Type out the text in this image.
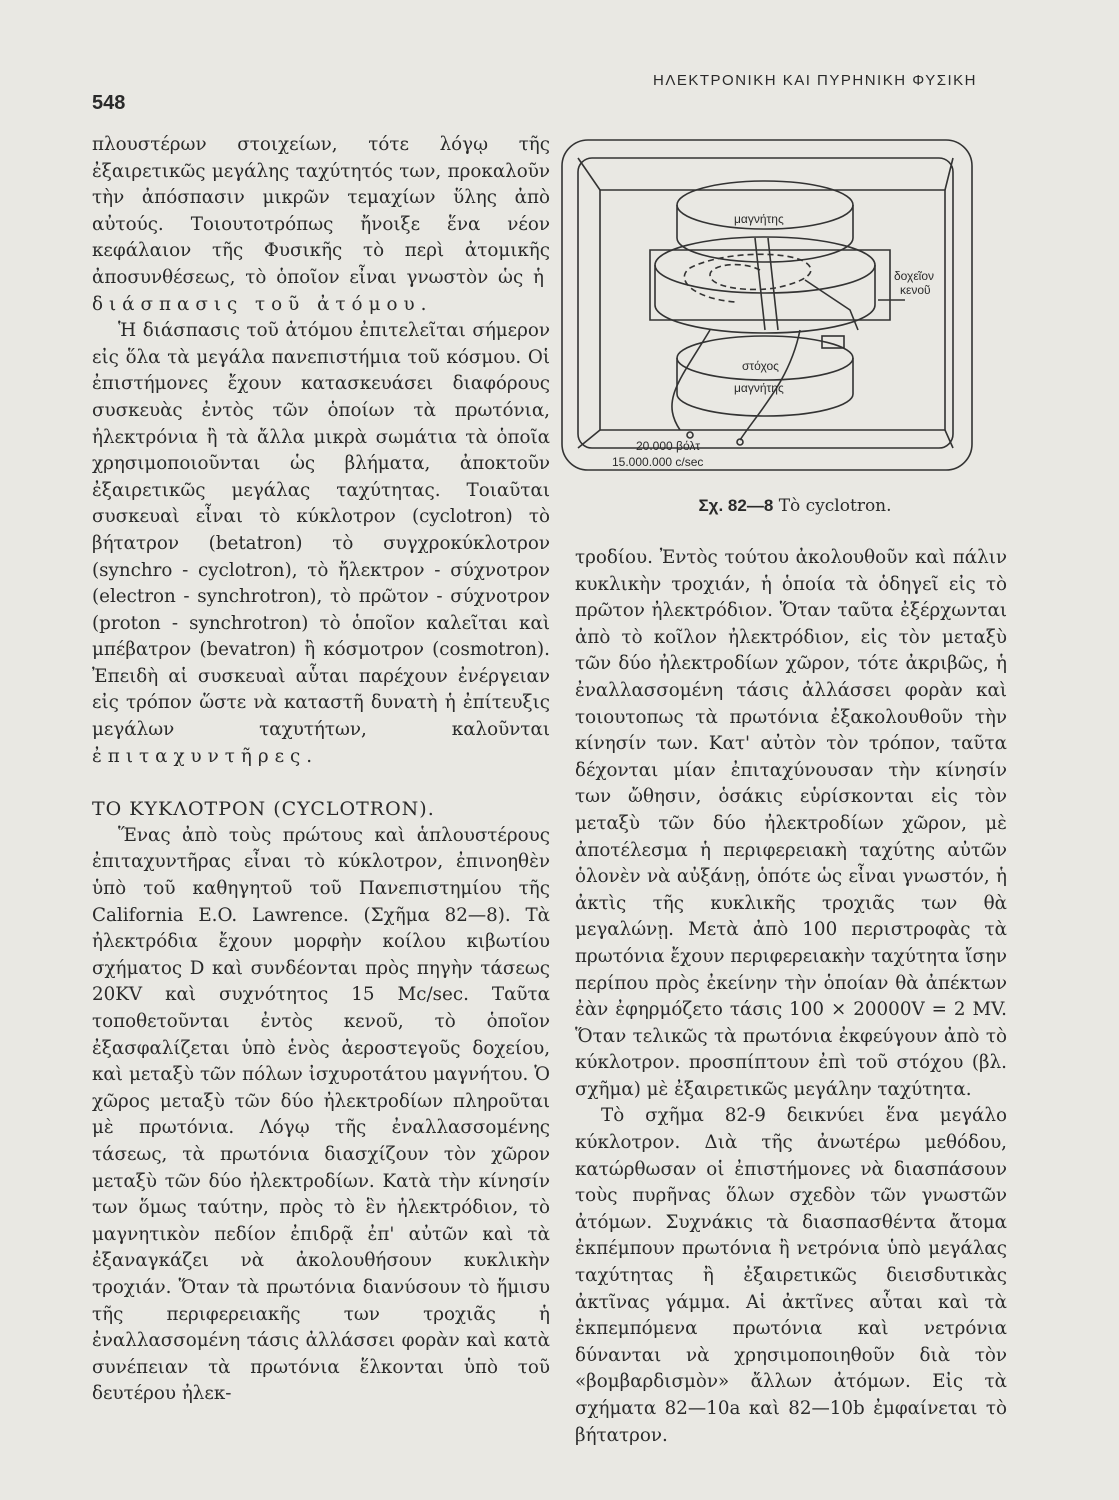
548
ΗΛΕΚΤΡΟΝΙΚΗ ΚΑΙ ΠΥΡΗΝΙΚΗ ΦΥΣΙΚΗ

πλουστέρων στοιχείων, τότε λόγῳ τῆς ἐξαιρετικῶς μεγάλης ταχύτητός των, προκαλοῦν τὴν ἀπόσπασιν μικρῶν τεμαχίων ὕλης ἀπὸ αὐτούς. Τοιουτοτρόπως ἤνοιξε ἕνα νέον κεφάλαιον τῆς Φυσικῆς τὸ περὶ ἀτομικῆς ἀποσυνθέσεως, τὸ ὁποῖον εἶναι γνωστὸν ὡς ἡ διάσπασις τοῦ ἀτόμου.

Ἡ διάσπασις τοῦ ἀτόμου ἐπιτελεῖται σήμερον εἰς ὅλα τὰ μεγάλα πανεπιστήμια τοῦ κόσμου. Οἱ ἐπιστήμονες ἔχουν κατασκευάσει διαφόρους συσκευὰς ἐντὸς τῶν ὁποίων τὰ πρωτόνια, ἠλεκτρόνια ἢ τὰ ἄλλα μικρὰ σωμάτια τὰ ὁποῖα χρησιμοποιοῦνται ὡς βλήματα, ἀποκτοῦν ἐξαιρετικῶς μεγάλας ταχύτητας. Τοιαῦται συσκευαὶ εἶναι τὸ κύκλοτρον (cyclotron) τὸ βήτατρον (betatron) τὸ συγχροκύκλοτρον (synchro - cyclotron), τὸ ἤλεκτρον - σύχνοτρον (electron - synchrotron), τὸ πρῶτον - σύχνοτρον (proton - synchrotron) τὸ ὁποῖον καλεῖται καὶ μπέβατρον (bevatron) ἢ κόσμοτρον (cosmotron). Ἐπειδὴ αἱ συσκευαὶ αὗται παρέχουν ἐνέργειαν εἰς τρόπον ὥστε νὰ καταστῆ δυνατὴ ἡ ἐπίτευξις μεγάλων ταχυτήτων, καλοῦνται ἐπιταχυντῆρες.

ΤΟ ΚΥΚΛΟΤΡΟΝ (CYCLOTRON).

Ἕνας ἀπὸ τοὺς πρώτους καὶ ἁπλουστέρους ἐπιταχυντῆρας εἶναι τὸ κύκλοτρον, ἐπινοηθὲν ὑπὸ τοῦ καθηγητοῦ τοῦ Πανεπιστημίου τῆς California E.O. Lawrence. (Σχῆμα 82—8). Τὰ ἠλεκτρόδια ἔχουν μορφὴν κοίλου κιβωτίου σχήματος D καὶ συνδέονται πρὸς πηγὴν τάσεως 20KV καὶ συχνότητος 15 Mc/sec. Ταῦτα τοποθετοῦνται ἐντὸς κενοῦ, τὸ ὁποῖον ἐξασφαλίζεται ὑπὸ ἑνὸς ἀεροστεγοῦς δοχείου, καὶ μεταξὺ τῶν πόλων ἰσχυροτάτου μαγνήτου. Ὁ χῶρος μεταξὺ τῶν δύο ἠλεκτροδίων πληροῦται μὲ πρωτόνια. Λόγῳ τῆς ἐναλλασσομένης τάσεως, τὰ πρωτόνια διασχίζουν τὸν χῶρον μεταξὺ τῶν δύο ἠλεκτροδίων. Κατὰ τὴν κίνησίν των ὅμως ταύτην, πρὸς τὸ ἓν ἠλεκτρόδιον, τὸ μαγνητικὸν πεδίον ἐπιδρᾷ ἐπ' αὐτῶν καὶ τὰ ἐξαναγκάζει νὰ ἀκολουθήσουν κυκλικὴν τροχιάν. Ὅταν τὰ πρωτόνια διανύσουν τὸ ἥμισυ τῆς περιφερειακῆς των τροχιᾶς ἡ ἐναλλασσομένη τάσις ἀλλάσσει φορὰν καὶ κατὰ συνέπειαν τὰ πρωτόνια ἕλκονται ὑπὸ τοῦ δευτέρου ἠλεκ-

μαγνήτης
δοχεῖον
κενοῦ
στόχος
μαγνήτης
20.000 βόλτ
15.000.000 c/sec
Σχ. 82—8 Τὸ cyclotron.

τροδίου. Ἐντὸς τούτου ἀκολουθοῦν καὶ πάλιν κυκλικὴν τροχιάν, ἡ ὁποία τὰ ὁδηγεῖ εἰς τὸ πρῶτον ἠλεκτρόδιον. Ὅταν ταῦτα ἐξέρχωνται ἀπὸ τὸ κοῖλον ἠλεκτρόδιον, εἰς τὸν μεταξὺ τῶν δύο ἠλεκτροδίων χῶρον, τότε ἀκριβῶς, ἡ ἐναλλασσομένη τάσις ἀλλάσσει φορὰν καὶ τοιουτοπως τὰ πρωτόνια ἐξακολουθοῦν τὴν κίνησίν των. Κατ' αὐτὸν τὸν τρόπον, ταῦτα δέχονται μίαν ἐπιταχύνουσαν τὴν κίνησίν των ὤθησιν, ὁσάκις εὑρίσκονται εἰς τὸν μεταξὺ τῶν δύο ἠλεκτροδίων χῶρον, μὲ ἀποτέλεσμα ἡ περιφερειακὴ ταχύτης αὐτῶν ὁλονὲν νὰ αὐξάνῃ, ὁπότε ὡς εἶναι γνωστόν, ἡ ἀκτὶς τῆς κυκλικῆς τροχιᾶς των θὰ μεγαλώνῃ. Μετὰ ἀπὸ 100 περιστροφὰς τὰ πρωτόνια ἔχουν περιφερειακὴν ταχύτητα ἴσην περίπου πρὸς ἐκείνην τὴν ὁποίαν θὰ ἀπέκτων ἐὰν ἐφηρμόζετο τάσις 100 × 20000V = 2 MV. Ὅταν τελικῶς τὰ πρωτόνια ἐκφεύγουν ἀπὸ τὸ κύκλοτρον. προσπίπτουν ἐπὶ τοῦ στόχου (βλ. σχῆμα) μὲ ἐξαιρετικῶς μεγάλην ταχύτητα.

Τὸ σχῆμα 82-9 δεικνύει ἕνα μεγάλο κύκλοτρον. Διὰ τῆς ἀνωτέρω μεθόδου, κατώρθωσαν οἱ ἐπιστήμονες νὰ διασπάσουν τοὺς πυρῆνας ὅλων σχεδὸν τῶν γνωστῶν ἀτόμων. Συχνάκις τὰ διασπασθέντα ἄτομα ἐκπέμπουν πρωτόνια ἢ νετρόνια ὑπὸ μεγάλας ταχύτητας ἢ ἐξαιρετικῶς διεισδυτικὰς ἀκτῖνας γάμμα. Αἱ ἀκτῖνες αὗται καὶ τὰ ἐκπεμπόμενα πρωτόνια καὶ νετρόνια δύνανται νὰ χρησιμοποιηθοῦν διὰ τὸν «βομβαρδισμὸν» ἄλλων ἀτόμων. Εἰς τὰ σχήματα 82—10a καὶ 82—10b ἐμφαίνεται τὸ βήτατρον.
